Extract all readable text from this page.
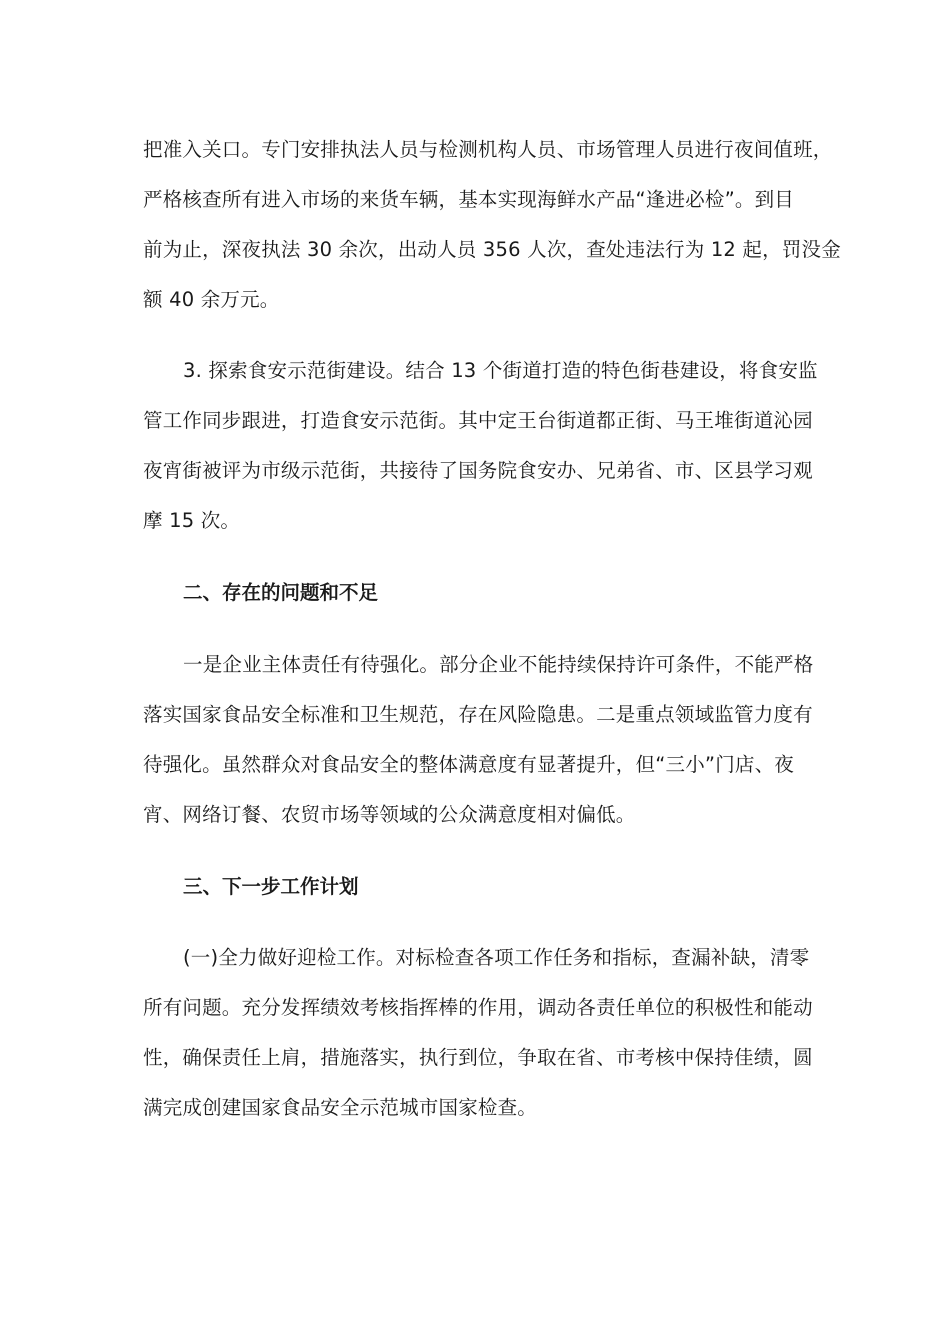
把准入关口。专门安排执法人员与检测机构人员、市场管理人员进行夜间值班，
严格核查所有进入市场的来货车辆，基本实现海鲜水产品“逢进必检”。到目
前为止，深夜执法 30 余次，出动人员 356 人次，查处违法行为 12 起，罚没金
额 40 余万元。
3. 探索食安示范街建设。结合 13 个街道打造的特色街巷建设，将食安监
管工作同步跟进，打造食安示范街。其中定王台街道都正街、马王堆街道沁园
夜宵街被评为市级示范街，共接待了国务院食安办、兄弟省、市、区县学习观
摩 15 次。
二、存在的问题和不足
一是企业主体责任有待强化。部分企业不能持续保持许可条件，不能严格
落实国家食品安全标准和卫生规范，存在风险隐患。二是重点领域监管力度有
待强化。虽然群众对食品安全的整体满意度有显著提升，但“三小”门店、夜
宵、网络订餐、农贸市场等领域的公众满意度相对偏低。
三、下一步工作计划
(一)全力做好迎检工作。对标检查各项工作任务和指标，查漏补缺，清零
所有问题。充分发挥绩效考核指挥棒的作用，调动各责任单位的积极性和能动
性，确保责任上肩，措施落实，执行到位，争取在省、市考核中保持佳绩，圆
满完成创建国家食品安全示范城市国家检查。
